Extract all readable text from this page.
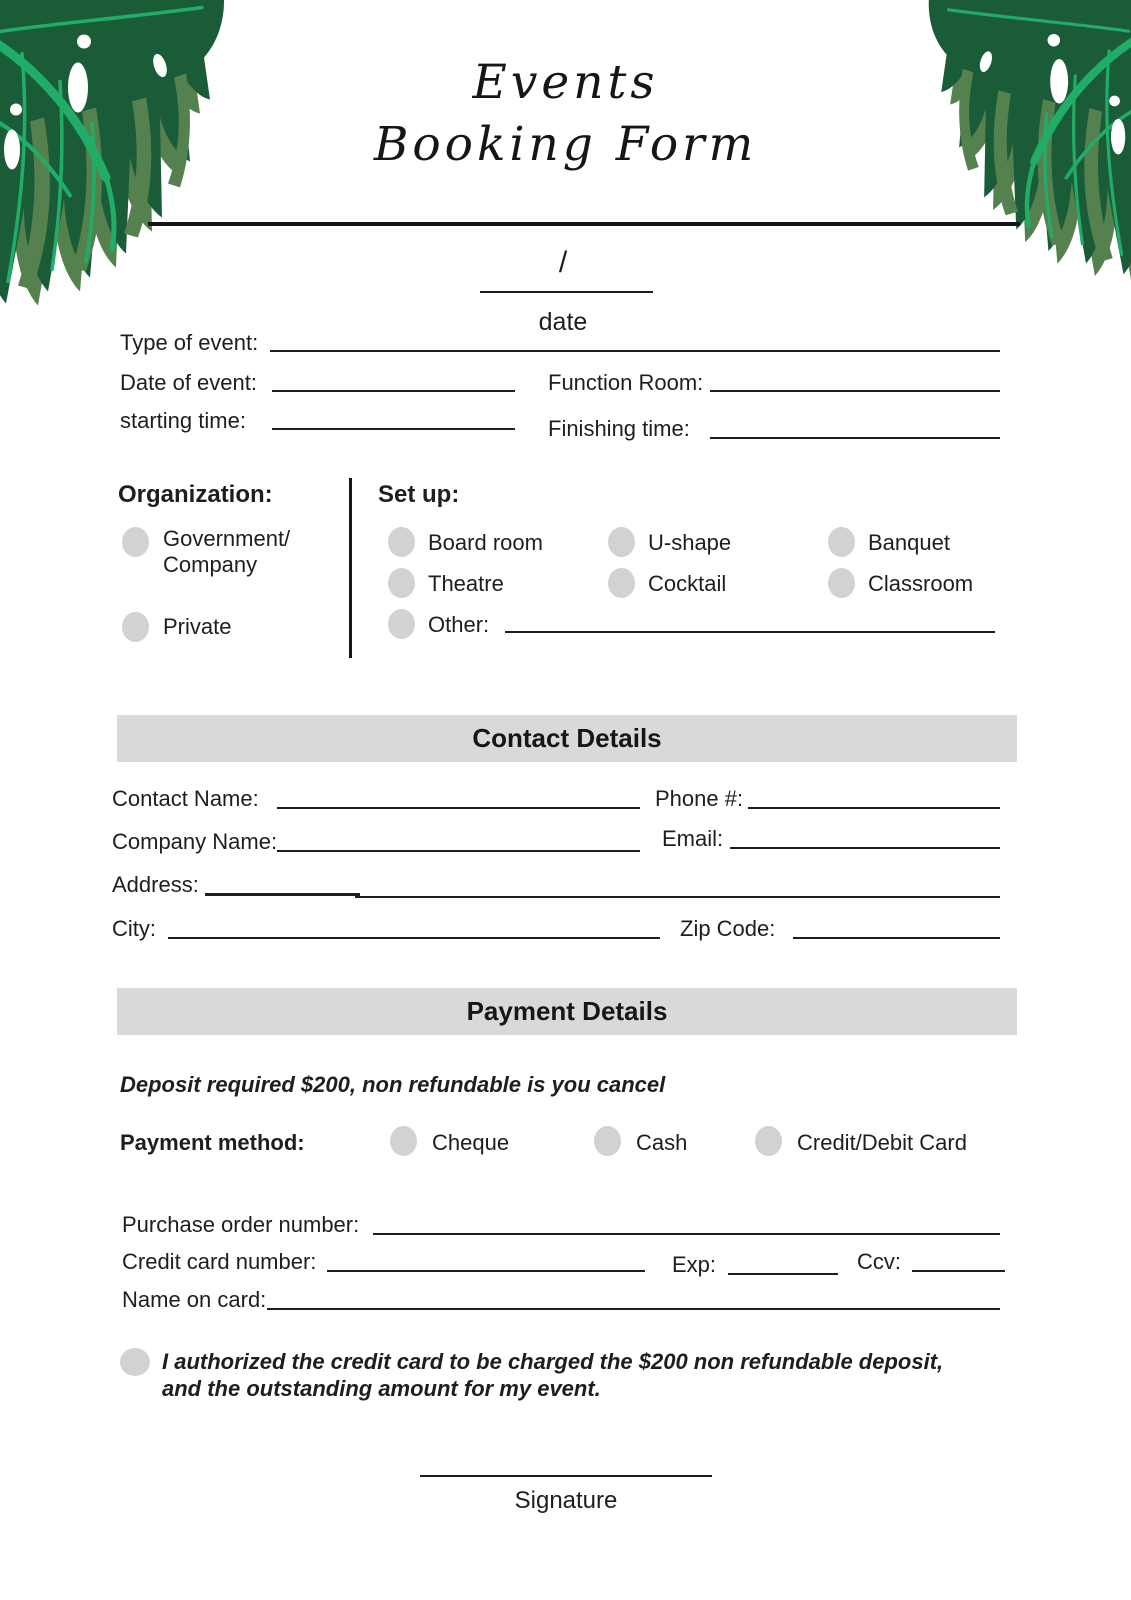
Events
Booking Form
/
date
Type of event:
Date of event:	Function Room:
starting time:	Finishing time:
Organization:	Set up:
Government/ Company
Private
Board room	U-shape	Banquet
Theatre	Cocktail	Classroom
Other:
Contact Details
Contact Name:	Phone #:
Company Name:	Email:
Address:
City:	Zip Code:
Payment Details
Deposit required $200, non refundable is you cancel
Payment method:	Cheque	Cash	Credit/Debit Card
Purchase order number:
Credit card number:	Exp:	Ccv:
Name on card:
I authorized the credit card to be charged the $200 non refundable deposit, and the outstanding amount for my event.
Signature
